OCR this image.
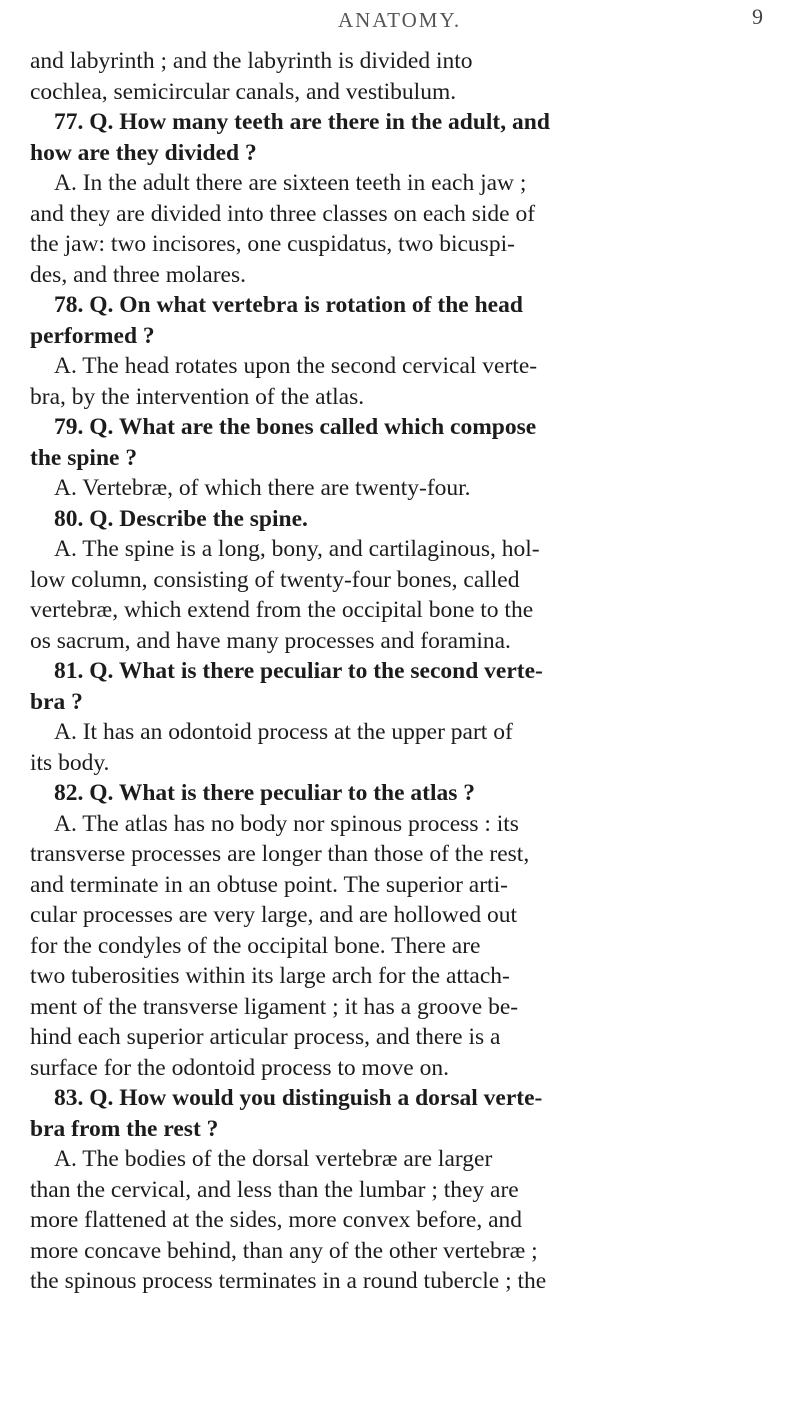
ANATOMY.	9
and labyrinth ; and the labyrinth is divided into
cochlea, semicircular canals, and vestibulum.
77. Q. How many teeth are there in the adult, and
how are they divided ?
A. In the adult there are sixteen teeth in each jaw ;
and they are divided into three classes on each side of
the jaw: two incisores, one cuspidatus, two bicuspi-
des, and three molares.
78. Q. On what vertebra is rotation of the head
performed ?
A. The head rotates upon the second cervical verte-
bra, by the intervention of the atlas.
79. Q. What are the bones called which compose
the spine ?
A. Vertebræ, of which there are twenty-four.
80. Q. Describe the spine.
A. The spine is a long, bony, and cartilaginous, hol-
low column, consisting of twenty-four bones, called
vertebræ, which extend from the occipital bone to the
os sacrum, and have many processes and foramina.
81. Q. What is there peculiar to the second verte-
bra ?
A. It has an odontoid process at the upper part of
its body.
82. Q. What is there peculiar to the atlas ?
A. The atlas has no body nor spinous process : its
transverse processes are longer than those of the rest,
and terminate in an obtuse point. The superior arti-
cular processes are very large, and are hollowed out
for the condyles of the occipital bone. There are
two tuberosities within its large arch for the attach-
ment of the transverse ligament ; it has a groove be-
hind each superior articular process, and there is a
surface for the odontoid process to move on.
83. Q. How would you distinguish a dorsal verte-
bra from the rest ?
A. The bodies of the dorsal vertebræ are larger
than the cervical, and less than the lumbar ; they are
more flattened at the sides, more convex before, and
more concave behind, than any of the other vertebræ ;
the spinous process terminates in a round tubercle ; the
